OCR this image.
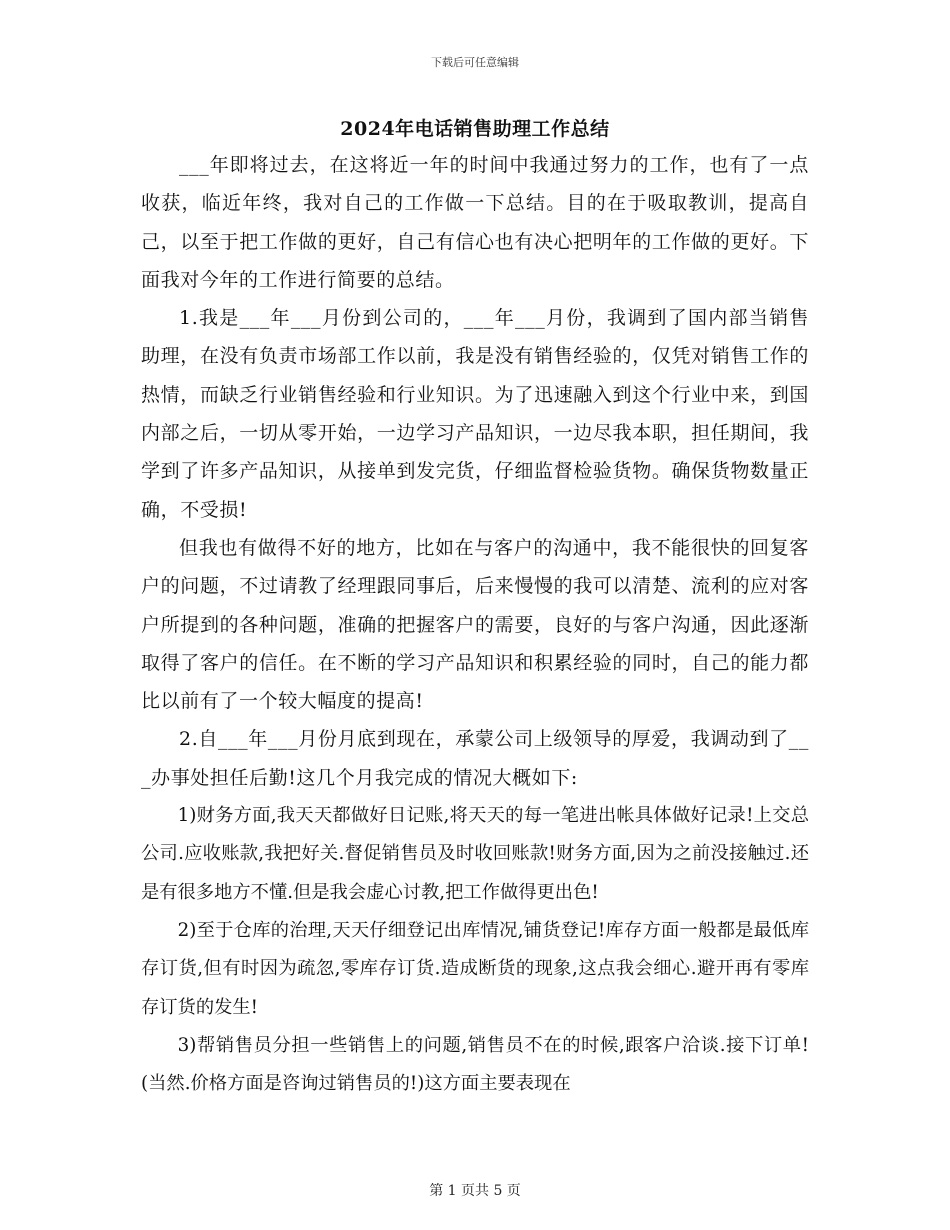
下载后可任意编辑
2024年电话销售助理工作总结

___年即将过去，在这将近一年的时间中我通过努力的工作，也有了一点收获，临近年终，我对自己的工作做一下总结。目的在于吸取教训，提高自己，以至于把工作做的更好，自己有信心也有决心把明年的工作做的更好。下面我对今年的工作进行简要的总结。

1.我是___年___月份到公司的，___年___月份，我调到了国内部当销售助理，在没有负责市场部工作以前，我是没有销售经验的，仅凭对销售工作的热情，而缺乏行业销售经验和行业知识。为了迅速融入到这个行业中来，到国内部之后，一切从零开始，一边学习产品知识，一边尽我本职，担任期间，我学到了许多产品知识，从接单到发完货，仔细监督检验货物。确保货物数量正确，不受损!

但我也有做得不好的地方，比如在与客户的沟通中，我不能很快的回复客户的问题，不过请教了经理跟同事后，后来慢慢的我可以清楚、流利的应对客户所提到的各种问题，准确的把握客户的需要，良好的与客户沟通，因此逐渐取得了客户的信任。在不断的学习产品知识和积累经验的同时，自己的能力都比以前有了一个较大幅度的提高!

2.自___年___月份月底到现在，承蒙公司上级领导的厚爱，我调动到了___办事处担任后勤!这几个月我完成的情况大概如下:

1)财务方面,我天天都做好日记账,将天天的每一笔进出帐具体做好记录!上交总公司.应收账款,我把好关.督促销售员及时收回账款!财务方面,因为之前没接触过.还是有很多地方不懂.但是我会虚心讨教,把工作做得更出色!

2)至于仓库的治理,天天仔细登记出库情况,铺货登记!库存方面一般都是最低库存订货,但有时因为疏忽,零库存订货.造成断货的现象,这点我会细心.避开再有零库存订货的发生!

3)帮销售员分担一些销售上的问题,销售员不在的时候,跟客户洽谈.接下订单!(当然.价格方面是咨询过销售员的!)这方面主要表现在

第 1 页共 5 页
